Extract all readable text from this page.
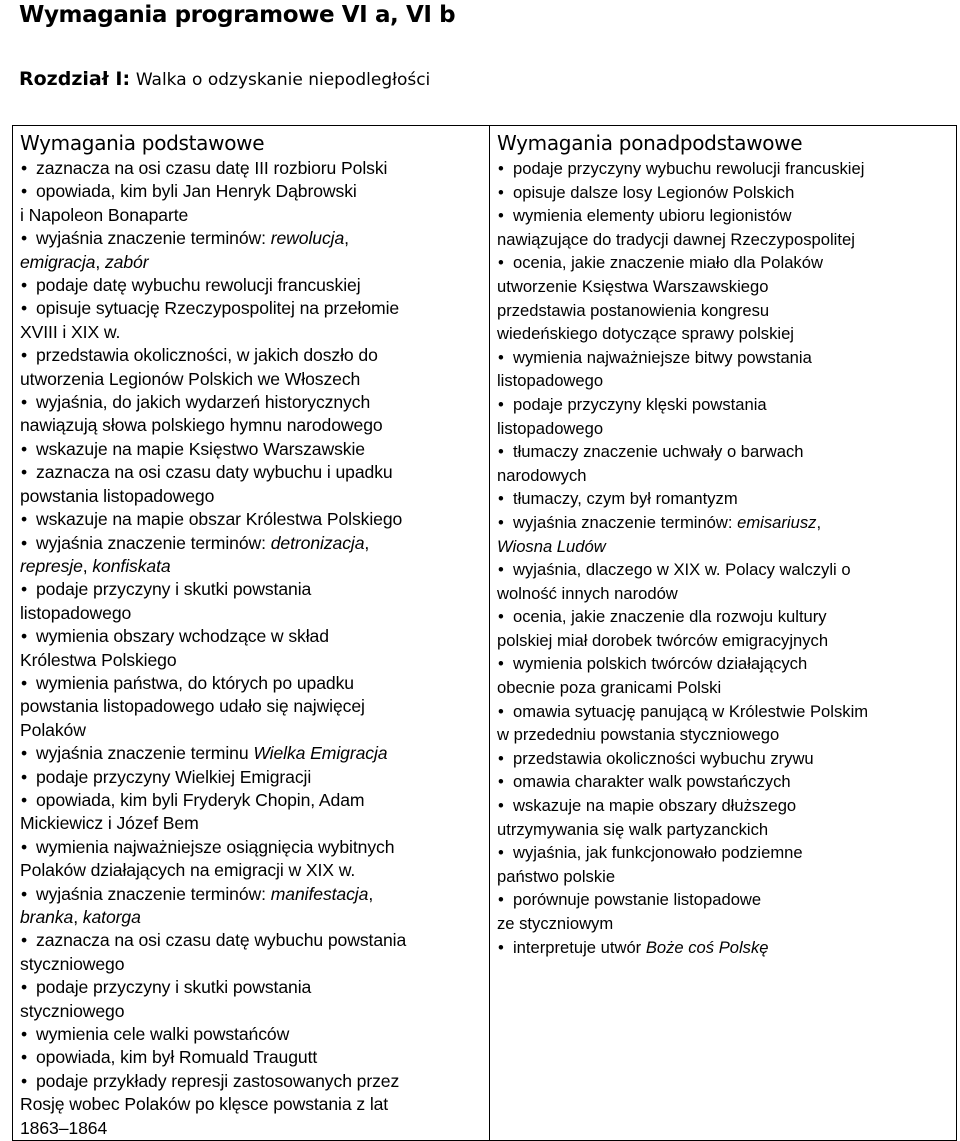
Wymagania programowe VI a, VI b
Rozdział I: Walka o odzyskanie niepodległości
Wymagania podstawowe
•zaznacza na osi czasu datę III rozbioru Polski
•opowiada, kim byli Jan Henryk Dąbrowski
i Napoleon Bonaparte
•wyjaśnia znaczenie terminów: rewolucja,
emigracja, zabór
•podaje datę wybuchu rewolucji francuskiej
•opisuje sytuację Rzeczypospolitej na przełomie
XVIII i XIX w.
•przedstawia okoliczności, w jakich doszło do
utworzenia Legionów Polskich we Włoszech
•wyjaśnia, do jakich wydarzeń historycznych
nawiązują słowa polskiego hymnu narodowego
•wskazuje na mapie Księstwo Warszawskie
•zaznacza na osi czasu daty wybuchu i upadku
powstania listopadowego
•wskazuje na mapie obszar Królestwa Polskiego
•wyjaśnia znaczenie terminów: detronizacja,
represje, konfiskata
•podaje przyczyny i skutki powstania
listopadowego
•wymienia obszary wchodzące w skład
Królestwa Polskiego
•wymienia państwa, do których po upadku
powstania listopadowego udało się najwięcej
Polaków
•wyjaśnia znaczenie terminu Wielka Emigracja
•podaje przyczyny Wielkiej Emigracji
•opowiada, kim byli Fryderyk Chopin, Adam
Mickiewicz i Józef Bem
•wymienia najważniejsze osiągnięcia wybitnych
Polaków działających na emigracji w XIX w.
•wyjaśnia znaczenie terminów: manifestacja,
branka, katorga
•zaznacza na osi czasu datę wybuchu powstania
styczniowego
•podaje przyczyny i skutki powstania
styczniowego
•wymienia cele walki powstańców
•opowiada, kim był Romuald Traugutt
•podaje przykłady represji zastosowanych przez
Rosję wobec Polaków po klęsce powstania z lat
1863–1864

Wymagania ponadpodstawowe
•podaje przyczyny wybuchu rewolucji francuskiej
•opisuje dalsze losy Legionów Polskich
•wymienia elementy ubioru legionistów
nawiązujące do tradycji dawnej Rzeczypospolitej
•ocenia, jakie znaczenie miało dla Polaków
utworzenie Księstwa Warszawskiego
przedstawia postanowienia kongresu
wiedeńskiego dotyczące sprawy polskiej
•wymienia najważniejsze bitwy powstania
listopadowego
•podaje przyczyny klęski powstania
listopadowego
•tłumaczy znaczenie uchwały o barwach
narodowych
•tłumaczy, czym był romantyzm
•wyjaśnia znaczenie terminów: emisariusz,
Wiosna Ludów
•wyjaśnia, dlaczego w XIX w. Polacy walczyli o
wolność innych narodów
•ocenia, jakie znaczenie dla rozwoju kultury
polskiej miał dorobek twórców emigracyjnych
•wymienia polskich twórców działających
obecnie poza granicami Polski
•omawia sytuację panującą w Królestwie Polskim
w przededniu powstania styczniowego
•przedstawia okoliczności wybuchu zrywu
•omawia charakter walk powstańczych
•wskazuje na mapie obszary dłuższego
utrzymywania się walk partyzanckich
•wyjaśnia, jak funkcjonowało podziemne
państwo polskie
•porównuje powstanie listopadowe
ze styczniowym
•interpretuje utwór Boże coś Polskę
